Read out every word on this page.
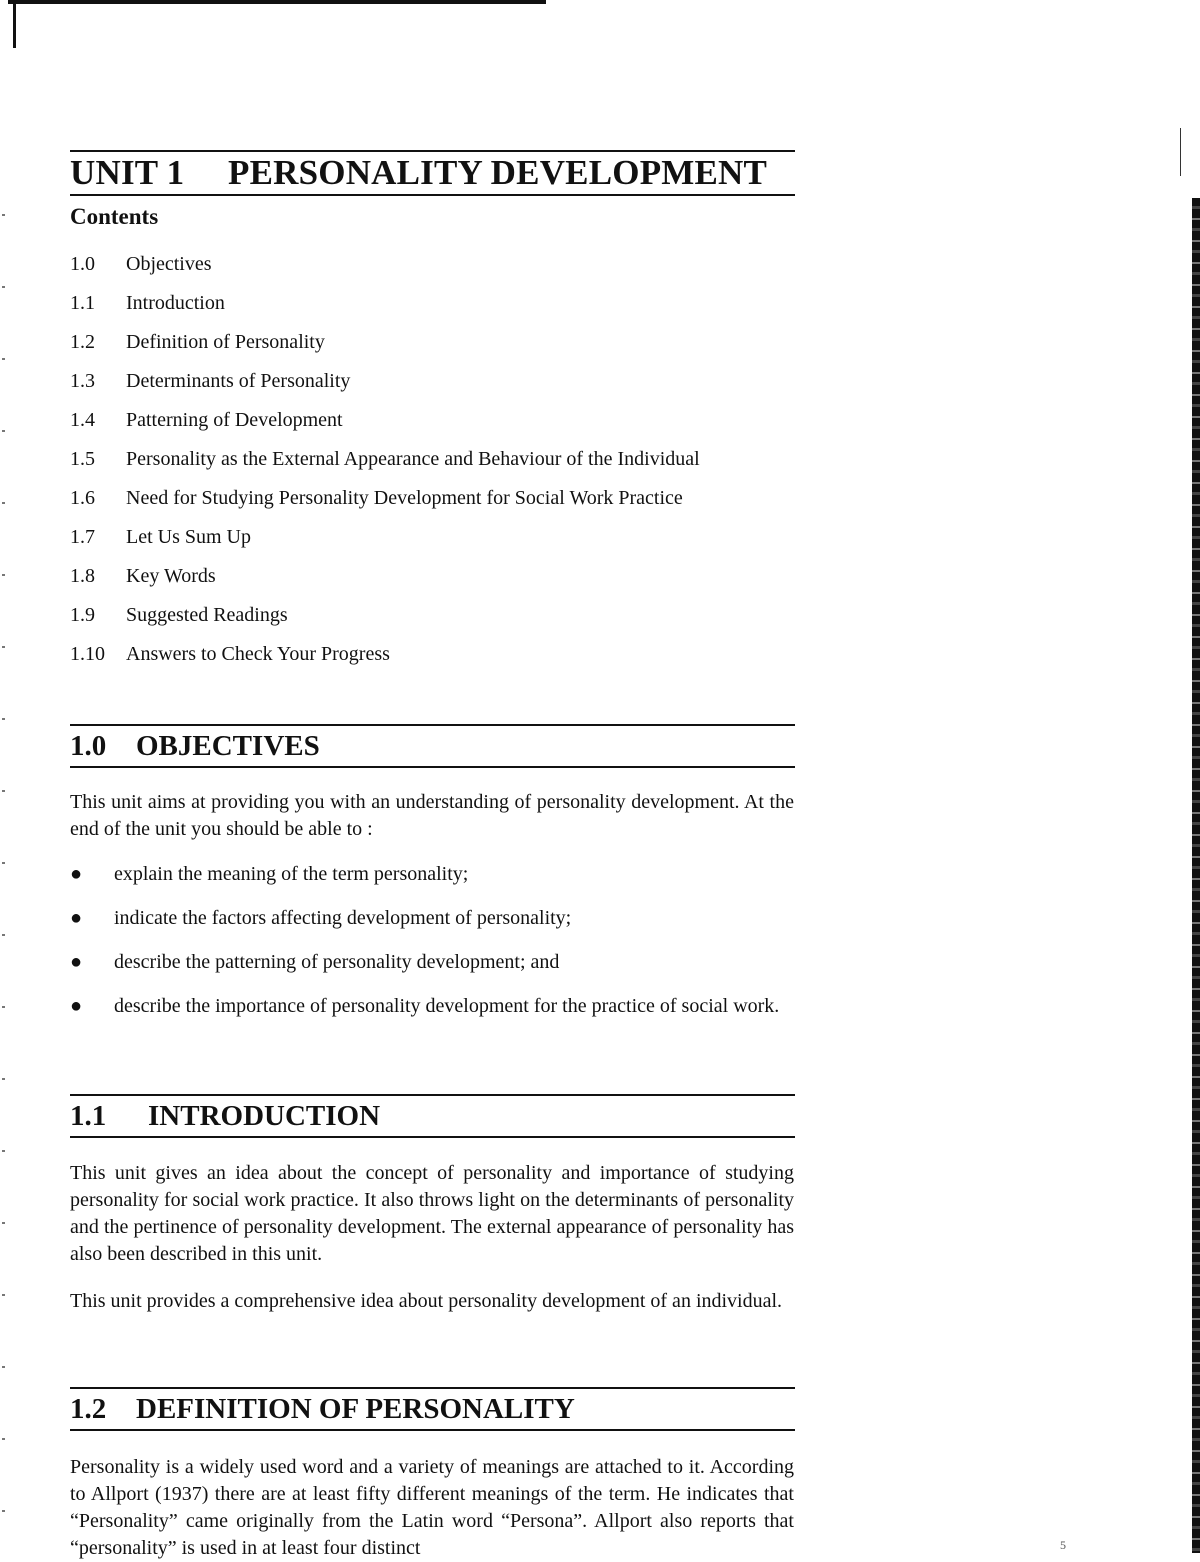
UNIT 1 PERSONALITY DEVELOPMENT
Contents
1.0	Objectives
1.1	Introduction
1.2	Definition of Personality
1.3	Determinants of Personality
1.4	Patterning of Development
1.5	Personality as the External Appearance and Behaviour of the Individual
1.6	Need for Studying Personality Development for Social Work Practice
1.7	Let Us Sum Up
1.8	Key Words
1.9	Suggested Readings
1.10	Answers to Check Your Progress
1.0 OBJECTIVES

This unit aims at providing you with an understanding of personality development. At the end of the unit you should be able to :

●	explain the meaning of the term personality;
●	indicate the factors affecting development of personality;
●	describe the patterning of personality development; and
●	describe the importance of personality development for the practice of social work.
1.1 INTRODUCTION

This unit gives an idea about the concept of personality and importance of studying personality for social work practice. It also throws light on the determinants of personality and the pertinence of personality development. The external appearance of personality has also been described in this unit.

This unit provides a comprehensive idea about personality development of an individual.

1.2 DEFINITION OF PERSONALITY

Personality is a widely used word and a variety of meanings are attached to it. According to Allport (1937) there are at least fifty different meanings of the term. He indicates that “Personality” came originally from the Latin word “Persona”. Allport also reports that “personality” is used in at least four distinct	5
